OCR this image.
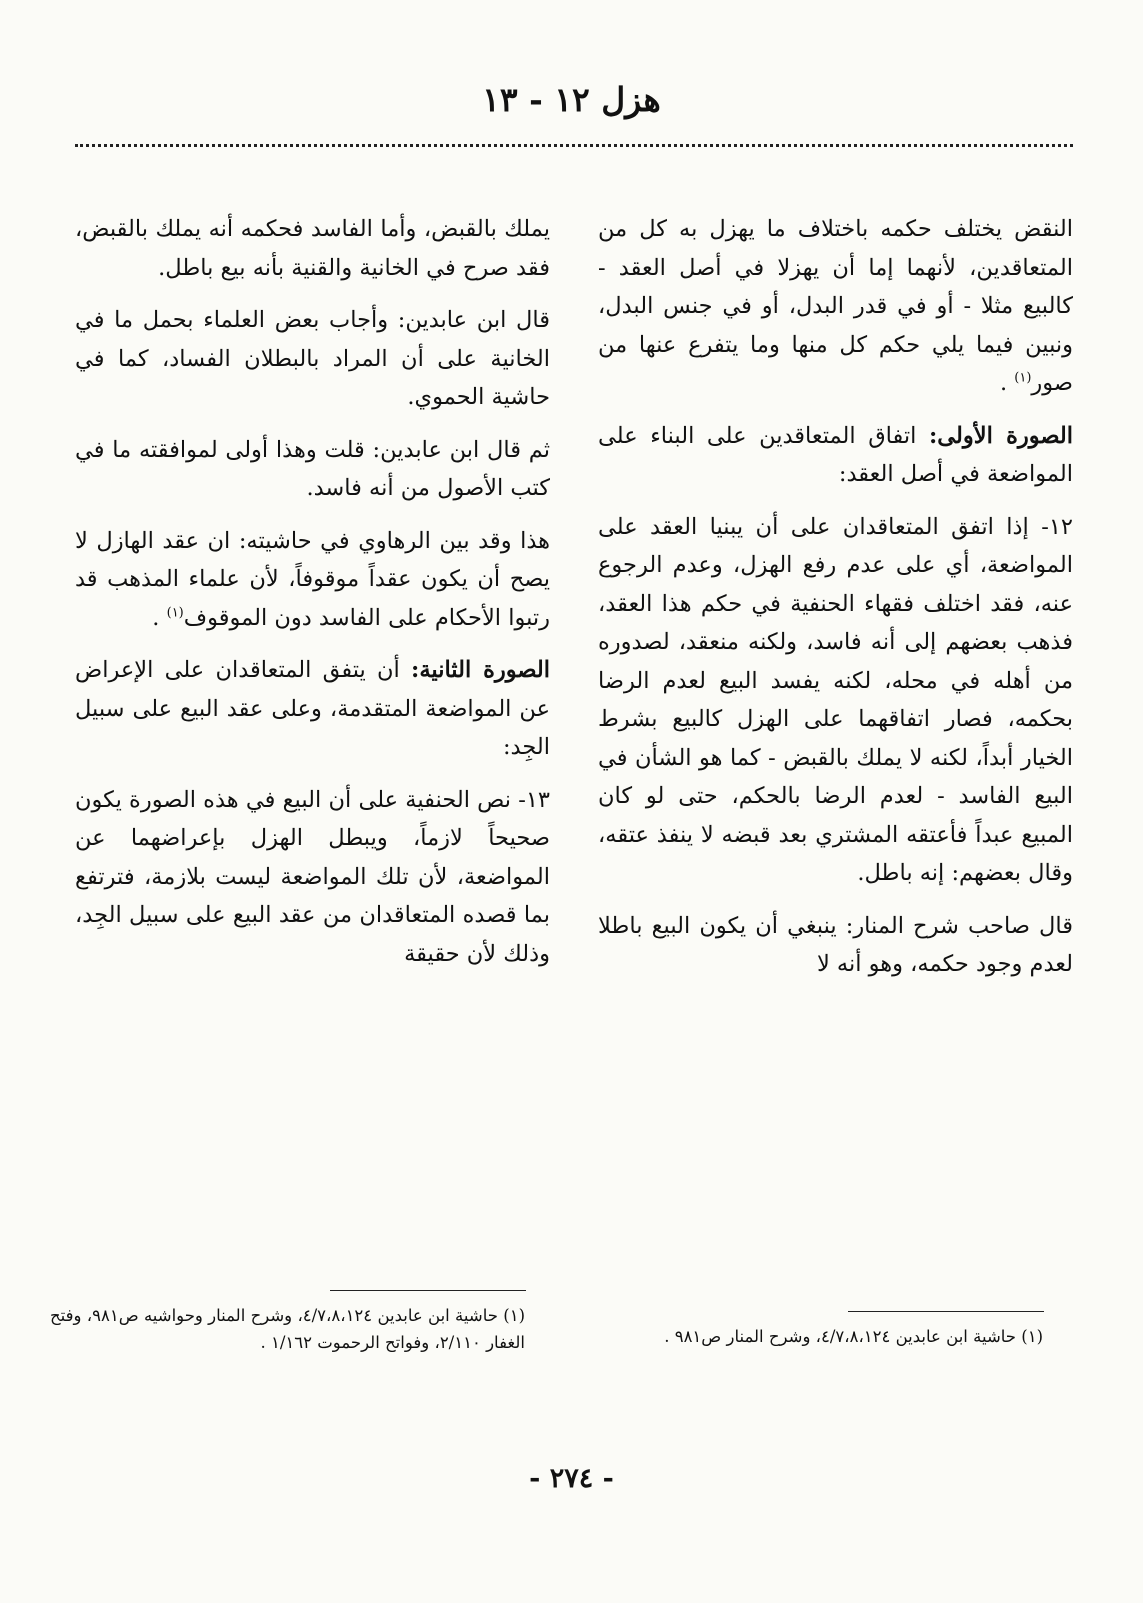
هزل ١٢ - ١٣

النقض يختلف حكمه باختلاف ما يهزل به كل من المتعاقدين، لأنهما إما أن يهزلا في أصل العقد - كالبيع مثلا - أو في قدر البدل، أو في جنس البدل، ونبين فيما يلي حكم كل منها وما يتفرع عنها من صور$^{(١)}$ .

الصورة الأولى: اتفاق المتعاقدين على البناء على المواضعة في أصل العقد:

١٢- إذا اتفق المتعاقدان على أن يبنيا العقد على المواضعة، أي على عدم رفع الهزل، وعدم الرجوع عنه، فقد اختلف فقهاء الحنفية في حكم هذا العقد، فذهب بعضهم إلى أنه فاسد، ولكنه منعقد، لصدوره من أهله في محله، لكنه يفسد البيع لعدم الرضا بحكمه، فصار اتفاقهما على الهزل كالبيع بشرط الخيار أبداً، لكنه لا يملك بالقبض - كما هو الشأن في البيع الفاسد - لعدم الرضا بالحكم، حتى لو كان المبيع عبداً فأعتقه المشتري بعد قبضه لا ينفذ عتقه، وقال بعضهم: إنه باطل.

قال صاحب شرح المنار: ينبغي أن يكون البيع باطلا لعدم وجود حكمه، وهو أنه لا

يملك بالقبض، وأما الفاسد فحكمه أنه يملك بالقبض، فقد صرح في الخانية والقنية بأنه بيع باطل.

قال ابن عابدين: وأجاب بعض العلماء بحمل ما في الخانية على أن المراد بالبطلان الفساد، كما في حاشية الحموي.

ثم قال ابن عابدين: قلت وهذا أولى لموافقته ما في كتب الأصول من أنه فاسد.

هذا وقد بين الرهاوي في حاشيته: ان عقد الهازل لا يصح أن يكون عقداً موقوفاً، لأن علماء المذهب قد رتبوا الأحكام على الفاسد دون الموقوف$^{(١)}$ .

الصورة الثانية: أن يتفق المتعاقدان على الإعراض عن المواضعة المتقدمة، وعلى عقد البيع على سبيل الجِد:

١٣- نص الحنفية على أن البيع في هذه الصورة يكون صحيحاً لازماً، ويبطل الهزل بإعراضهما عن المواضعة، لأن تلك المواضعة ليست بلازمة، فترتفع بما قصده المتعاقدان من عقد البيع على سبيل الجِد، وذلك لأن حقيقة

(١) حاشية ابن عابدين ٤/٧،٨،١٢٤، وشرح المنار ص٩٨١ .

(١) حاشية ابن عابدين ٤/٧،٨،١٢٤، وشرح المنار وحواشيه ص٩٨١، وفتح الغفار ٢/١١٠، وفواتح الرحموت ١/١٦٢ .

- ٢٧٤ -
